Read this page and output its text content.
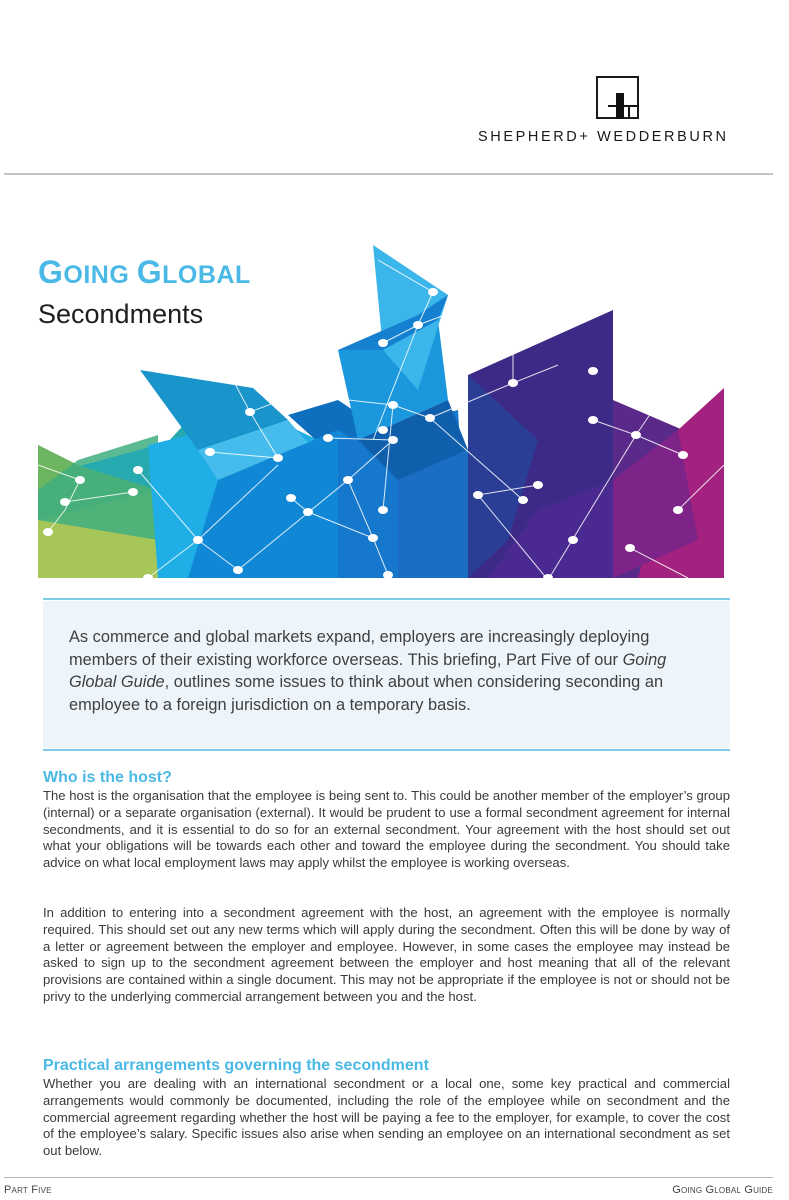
SHEPHERD+ WEDDERBURN
GOING GLOBAL
Secondments
As commerce and global markets expand, employers are increasingly deploying members of their existing workforce overseas. This briefing, Part Five of our Going Global Guide, outlines some issues to think about when considering seconding an employee to a foreign jurisdiction on a temporary basis.
Who is the host?
The host is the organisation that the employee is being sent to. This could be another member of the employer’s group (internal) or a separate organisation (external). It would be prudent to use a formal secondment agreement for internal secondments, and it is essential to do so for an external secondment. Your agreement with the host should set out what your obligations will be towards each other and toward the employee during the secondment. You should take advice on what local employment laws may apply whilst the employee is working overseas.
In addition to entering into a secondment agreement with the host, an agreement with the employee is normally required. This should set out any new terms which will apply during the secondment. Often this will be done by way of a letter or agreement between the employer and employee. However, in some cases the employee may instead be asked to sign up to the secondment agreement between the employer and host meaning that all of the relevant provisions are contained within a single document. This may not be appropriate if the employee is not or should not be privy to the underlying commercial arrangement between you and the host.
Practical arrangements governing the secondment
Whether you are dealing with an international secondment or a local one, some key practical and commercial arrangements would commonly be documented, including the role of the employee while on secondment and the commercial agreement regarding whether the host will be paying a fee to the employer, for example, to cover the cost of the employee’s salary. Specific issues also arise when sending an employee on an international secondment as set out below.
Part Five	Going Global Guide
